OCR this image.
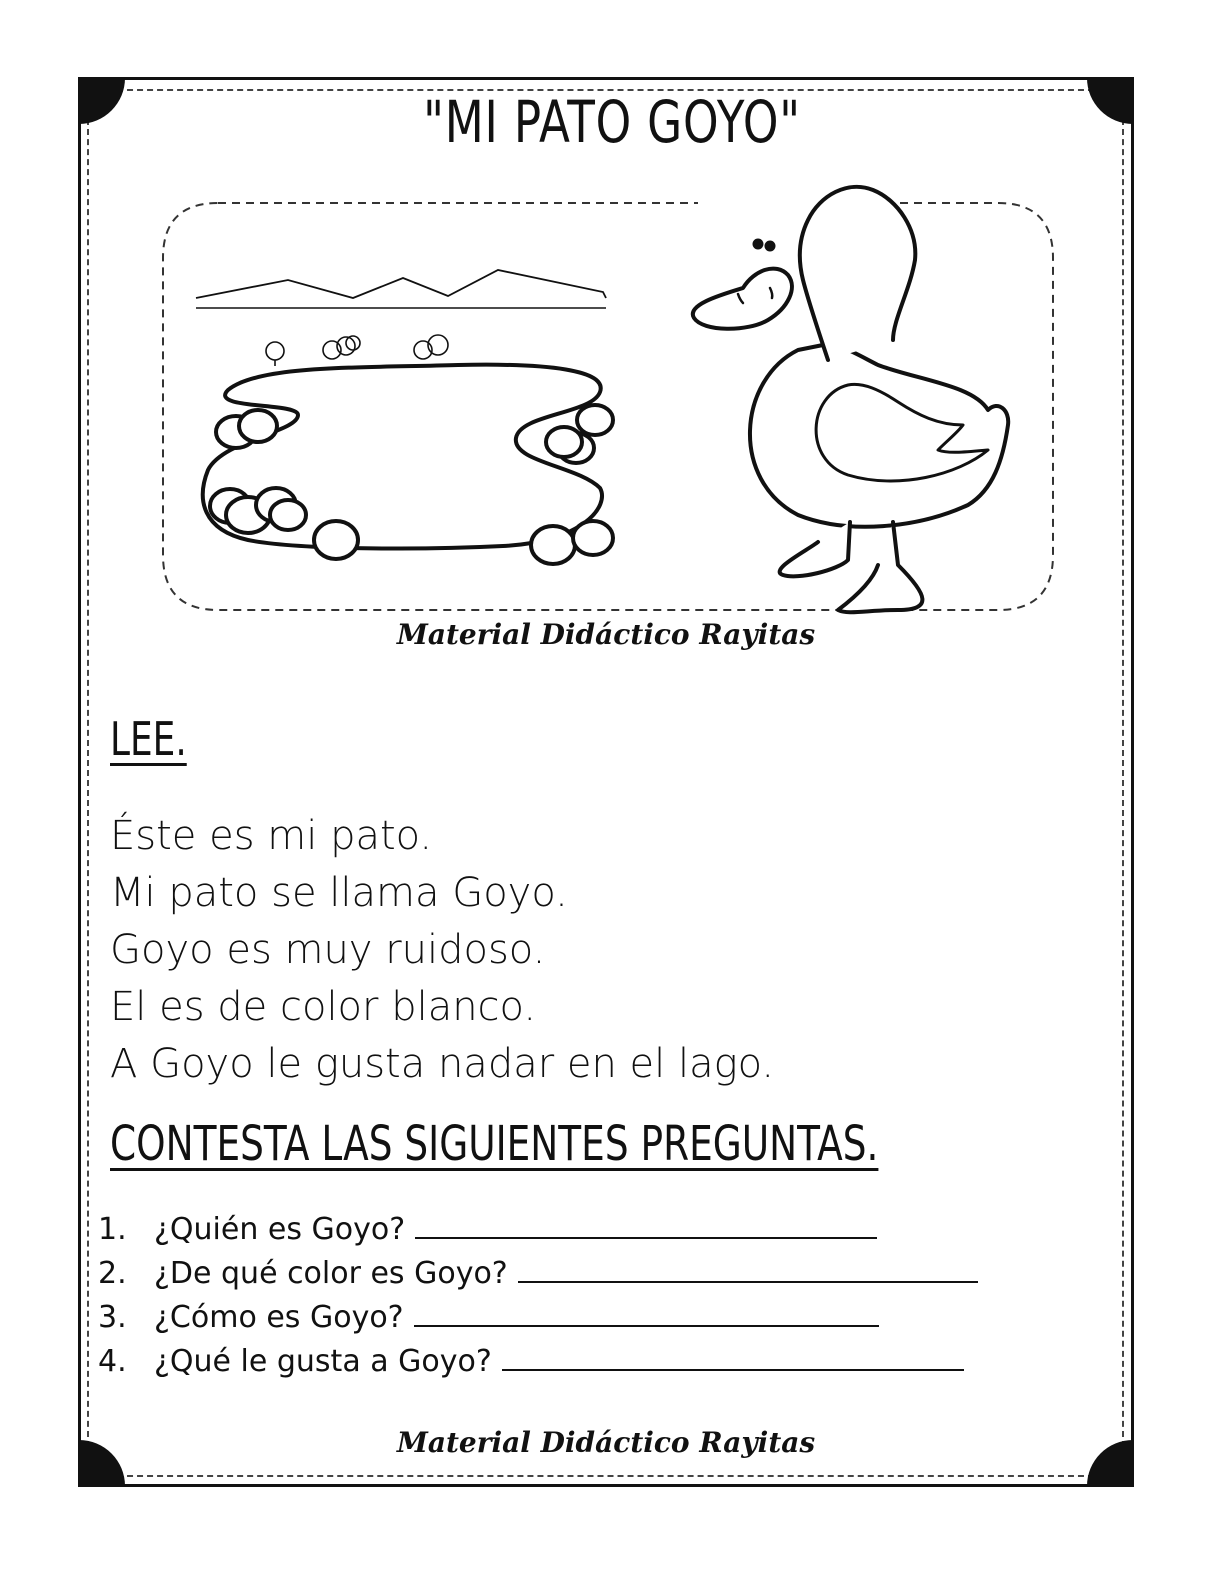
"MI PATO GOYO"
Material Didáctico Rayitas
LEE.
Éste es mi pato.
Mi pato se llama Goyo.
Goyo es muy ruidoso.
El es de color blanco.
A Goyo le gusta nadar en el lago.
CONTESTA LAS SIGUIENTES PREGUNTAS.
1. ¿Quién es Goyo?
2. ¿De qué color es Goyo?
3. ¿Cómo es Goyo?
4. ¿Qué le gusta a Goyo?
Material Didáctico Rayitas
